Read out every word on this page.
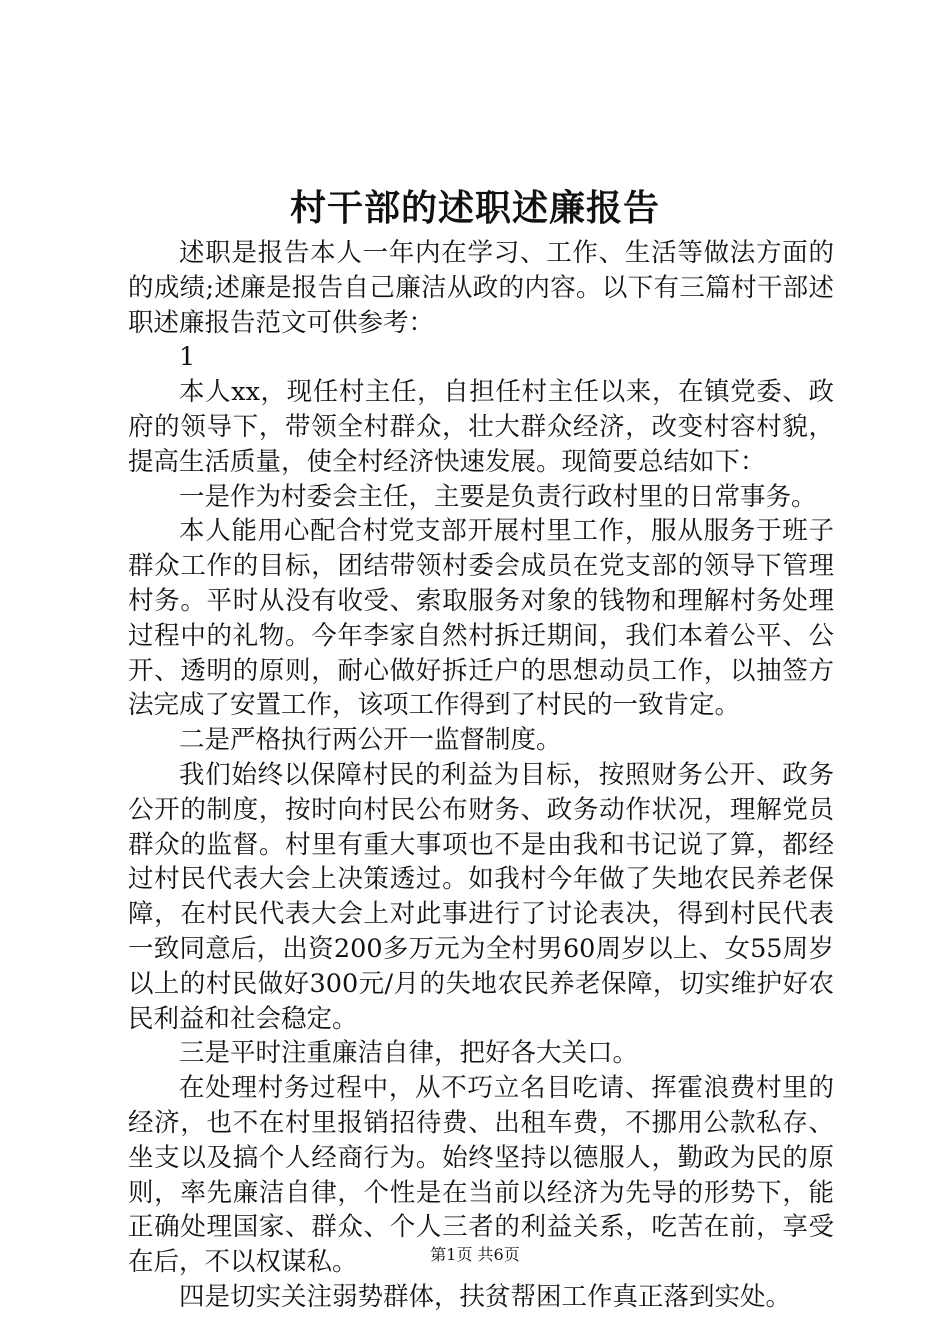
村干部的述职述廉报告

述职是报告本人一年内在学习、工作、生活等做法方面的的成绩;述廉是报告自己廉洁从政的内容。以下有三篇村干部述职述廉报告范文可供参考：

1

本人xx，现任村主任，自担任村主任以来，在镇党委、政府的领导下，带领全村群众，壮大群众经济，改变村容村貌，提高生活质量，使全村经济快速发展。现简要总结如下：

一是作为村委会主任，主要是负责行政村里的日常事务。

本人能用心配合村党支部开展村里工作，服从服务于班子群众工作的目标，团结带领村委会成员在党支部的领导下管理村务。平时从没有收受、索取服务对象的钱物和理解村务处理过程中的礼物。今年李家自然村拆迁期间，我们本着公平、公开、透明的原则，耐心做好拆迁户的思想动员工作，以抽签方法完成了安置工作，该项工作得到了村民的一致肯定。

二是严格执行两公开一监督制度。

我们始终以保障村民的利益为目标，按照财务公开、政务公开的制度，按时向村民公布财务、政务动作状况，理解党员群众的监督。村里有重大事项也不是由我和书记说了算，都经过村民代表大会上决策透过。如我村今年做了失地农民养老保障，在村民代表大会上对此事进行了讨论表决，得到村民代表一致同意后，出资200多万元为全村男60周岁以上、女55周岁以上的村民做好300元/月的失地农民养老保障，切实维护好农民利益和社会稳定。

三是平时注重廉洁自律，把好各大关口。

在处理村务过程中，从不巧立名目吃请、挥霍浪费村里的经济，也不在村里报销招待费、出租车费，不挪用公款私存、坐支以及搞个人经商行为。始终坚持以德服人，勤政为民的原则，率先廉洁自律，个性是在当前以经济为先导的形势下，能正确处理国家、群众、个人三者的利益关系，吃苦在前，享受在后，不以权谋私。

四是切实关注弱势群体，扶贫帮困工作真正落到实处。

第1页 共6页
